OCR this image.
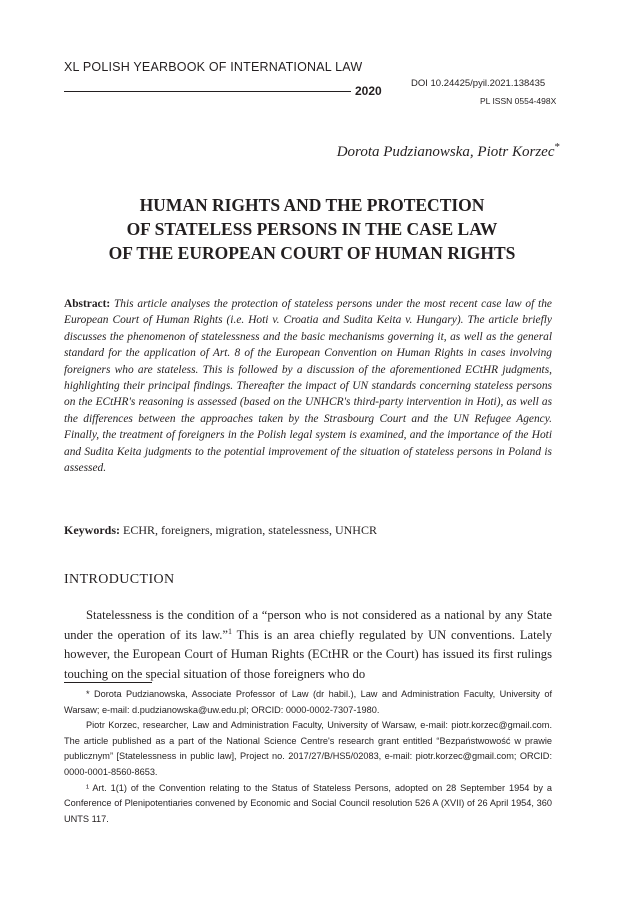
XL POLISH YEARBOOK OF INTERNATIONAL LAW
2020
DOI 10.24425/pyil.2021.138435
PL ISSN 0554-498X
Dorota Pudzianowska, Piotr Korzec*
HUMAN RIGHTS AND THE PROTECTION
OF STATELESS PERSONS IN THE CASE LAW
OF THE EUROPEAN COURT OF HUMAN RIGHTS
Abstract: This article analyses the protection of stateless persons under the most recent case law of the European Court of Human Rights (i.e. Hoti v. Croatia and Sudita Keita v. Hungary). The article briefly discusses the phenomenon of statelessness and the basic mechanisms governing it, as well as the general standard for the application of Art. 8 of the European Convention on Human Rights in cases involving foreigners who are stateless. This is followed by a discussion of the aforementioned ECtHR judgments, highlighting their principal findings. Thereafter the impact of UN standards concerning stateless persons on the ECtHR's reasoning is assessed (based on the UNHCR's third-party intervention in Hoti), as well as the differences between the approaches taken by the Strasbourg Court and the UN Refugee Agency. Finally, the treatment of foreigners in the Polish legal system is examined, and the importance of the Hoti and Sudita Keita judgments to the potential improvement of the situation of stateless persons in Poland is assessed.
Keywords: ECHR, foreigners, migration, statelessness, UNHCR
INTRODUCTION
Statelessness is the condition of a “person who is not considered as a national by any State under the operation of its law.”$^1$ This is an area chiefly regulated by UN conventions. Lately however, the European Court of Human Rights (ECtHR or the Court) has issued its first rulings touching on the special situation of those foreigners who do

* Dorota Pudzianowska, Associate Professor of Law (dr habil.), Law and Administration Faculty, University of Warsaw; e-mail: d.pudzianowska@uw.edu.pl; ORCID: 0000-0002-7307-1980.

Piotr Korzec, researcher, Law and Administration Faculty, University of Warsaw, e-mail: piotr.korzec@gmail.com. The article published as a part of the National Science Centre's research grant entitled “Bezpaństwowość w prawie publicznym” [Statelessness in public law], Project no. 2017/27/B/HS5/02083, e-mail: piotr.korzec@gmail.com; ORCID: 0000-0001-8560-8653.

¹ Art. 1(1) of the Convention relating to the Status of Stateless Persons, adopted on 28 September 1954 by a Conference of Plenipotentiaries convened by Economic and Social Council resolution 526 A (XVII) of 26 April 1954, 360 UNTS 117.
